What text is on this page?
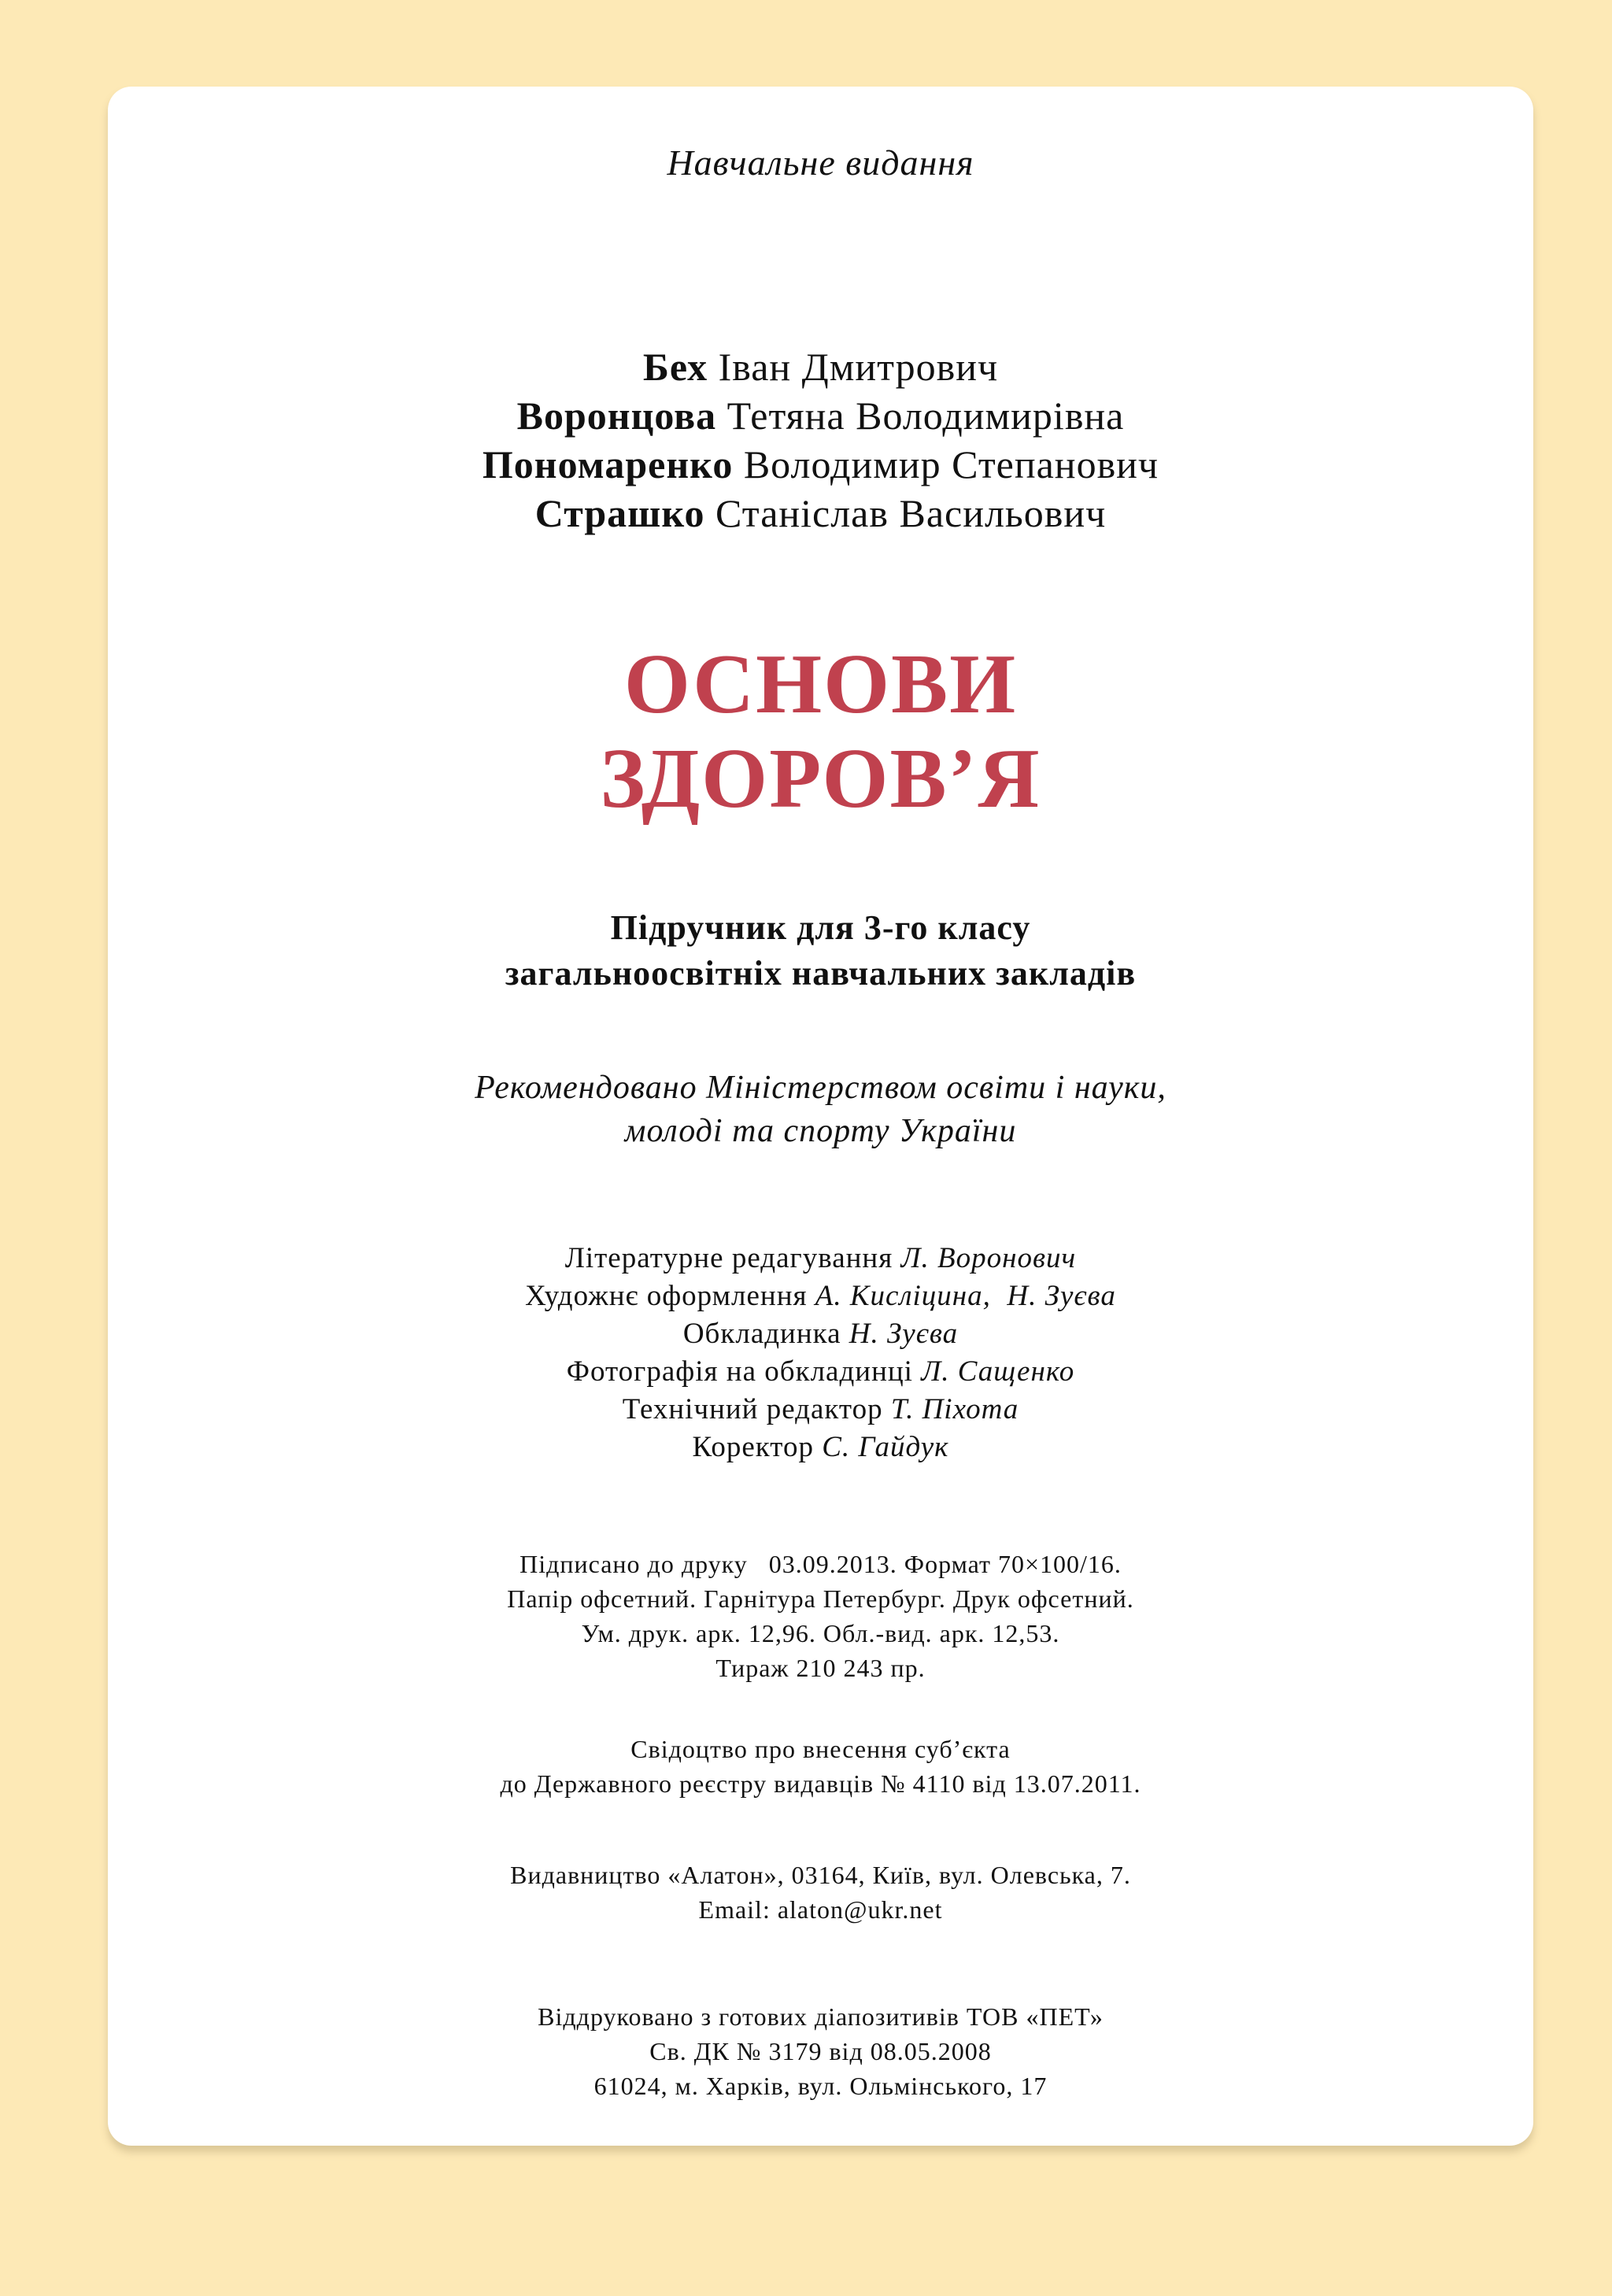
Навчальне видання
Бех Іван Дмитрович
Воронцова Тетяна Володимирівна
Пономаренко Володимир Степанович
Страшко Станіслав Васильович
ОСНОВИ
ЗДОРОВ’Я
Підручник для 3-го класу
загальноосвітніх навчальних закладів
Рекомендовано Міністерством освіти і науки,
молоді та спорту України
Літературне редагування Л. Воронович
Художнє оформлення А. Кисліцина,  Н. Зуєва
Обкладинка Н. Зуєва
Фотографія на обкладинці Л. Сащенко
Технічний редактор Т. Піхота
Коректор С. Гайдук
Підписано до друку   03.09.2013. Формат 70×100/16.
Папір офсетний. Гарнітура Петербург. Друк офсетний.
Ум. друк. арк. 12,96. Обл.-вид. арк. 12,53.
Тираж 210 243 пр.
Свідоцтво про внесення суб’єкта
до Державного реєстру видавців № 4110 від 13.07.2011.
Видавництво «Алатон», 03164, Київ, вул. Олевська, 7.
Email: alaton@ukr.net
Віддруковано з готових діапозитивів ТОВ «ПЕТ»
Св. ДК № 3179 від 08.05.2008
61024, м. Харків, вул. Ольмінського, 17
